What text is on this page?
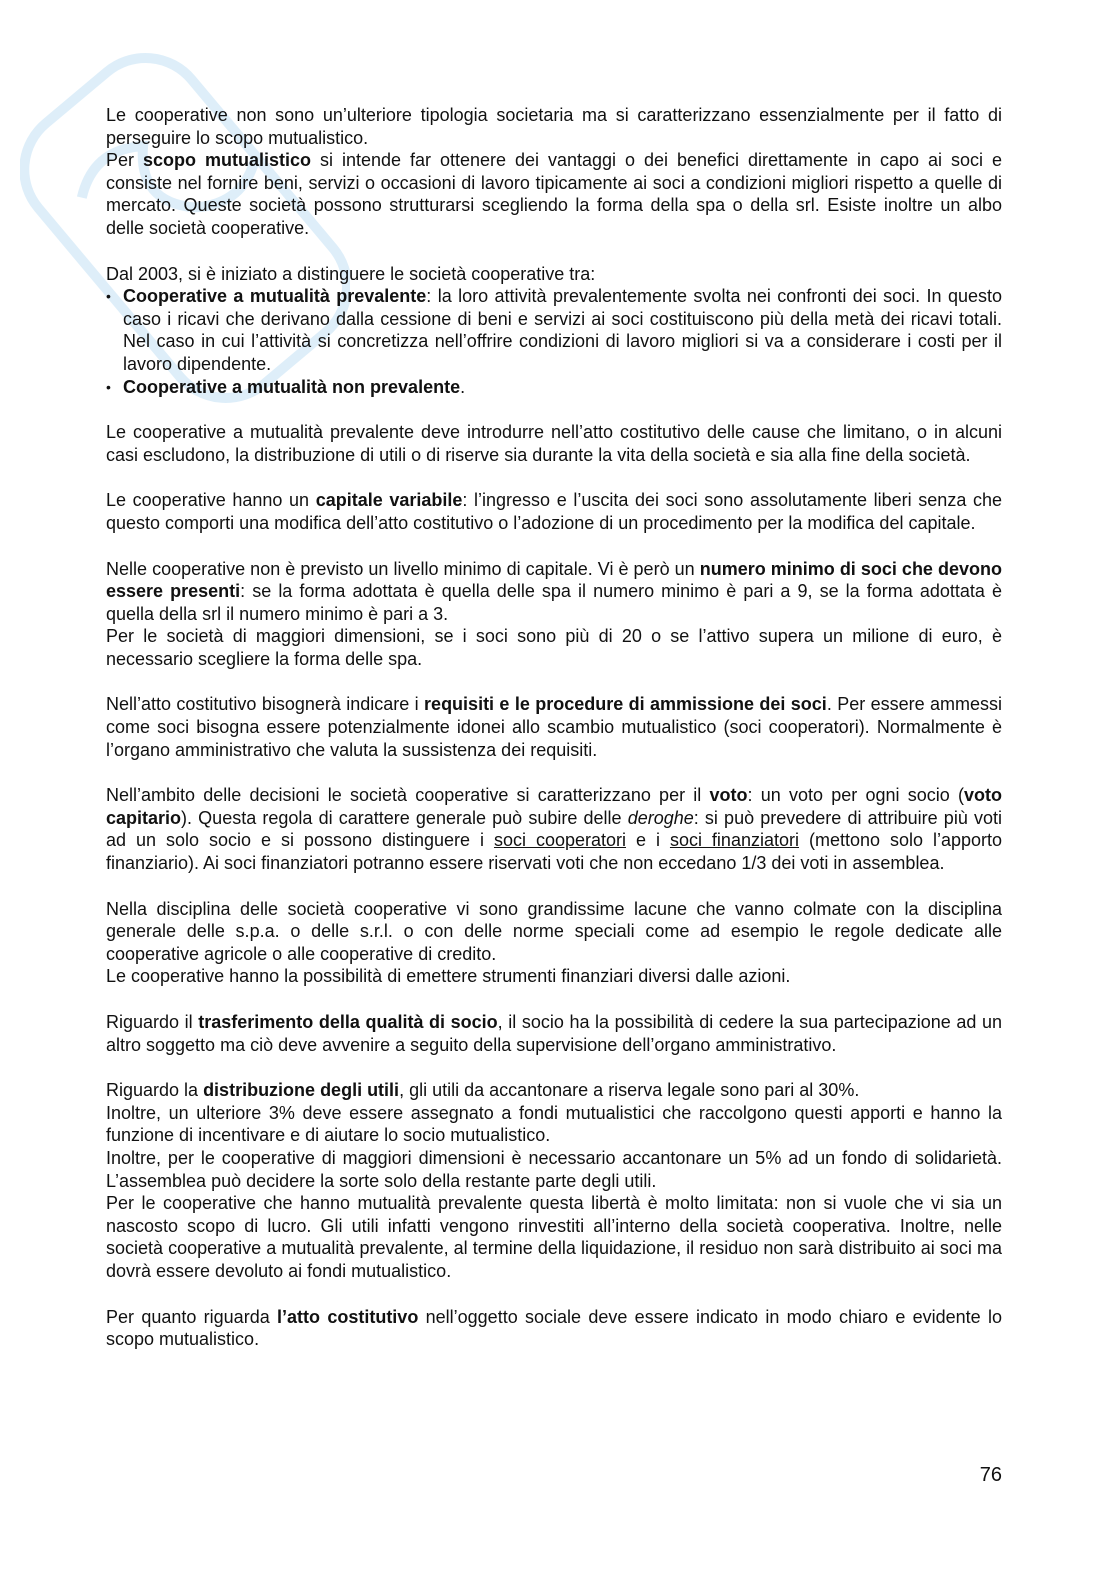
Le cooperative non sono un’ulteriore tipologia societaria ma si caratterizzano essenzialmente per il fatto di perseguire lo scopo mutualistico.
Per scopo mutualistico si intende far ottenere dei vantaggi o dei benefici direttamente in capo ai soci e consiste nel fornire beni, servizi o occasioni di lavoro tipicamente ai soci a condizioni migliori rispetto a quelle di mercato. Queste società possono strutturarsi scegliendo la forma della spa o della srl. Esiste inoltre un albo delle società cooperative.

Dal 2003, si è iniziato a distinguere le società cooperative tra:
• Cooperative a mutualità prevalente: la loro attività prevalentemente svolta nei confronti dei soci. In questo caso i ricavi che derivano dalla cessione di beni e servizi ai soci costituiscono più della metà dei ricavi totali. Nel caso in cui l’attività si concretizza nell’offrire condizioni di lavoro migliori si va a considerare i costi per il lavoro dipendente.
• Cooperative a mutualità non prevalente.

Le cooperative a mutualità prevalente deve introdurre nell’atto costitutivo delle cause che limitano, o in alcuni casi escludono, la distribuzione di utili o di riserve sia durante la vita della società e sia alla fine della società.

Le cooperative hanno un capitale variabile: l’ingresso e l’uscita dei soci sono assolutamente liberi senza che questo comporti una modifica dell’atto costitutivo o l’adozione di un procedimento per la modifica del capitale.

Nelle cooperative non è previsto un livello minimo di capitale. Vi è però un numero minimo di soci che devono essere presenti: se la forma adottata è quella delle spa il numero minimo è pari a 9, se la forma adottata è quella della srl il numero minimo è pari a 3.
Per le società di maggiori dimensioni, se i soci sono più di 20 o se l’attivo supera un milione di euro, è necessario scegliere la forma delle spa.

Nell’atto costitutivo bisognerà indicare i requisiti e le procedure di ammissione dei soci. Per essere ammessi come soci bisogna essere potenzialmente idonei allo scambio mutualistico (soci cooperatori). Normalmente è l’organo amministrativo che valuta la sussistenza dei requisiti.

Nell’ambito delle decisioni le società cooperative si caratterizzano per il voto: un voto per ogni socio (voto capitario). Questa regola di carattere generale può subire delle deroghe: si può prevedere di attribuire più voti ad un solo socio e si possono distinguere i soci cooperatori e i soci finanziatori (mettono solo l’apporto finanziario). Ai soci finanziatori potranno essere riservati voti che non eccedano 1/3 dei voti in assemblea.

Nella disciplina delle società cooperative vi sono grandissime lacune che vanno colmate con la disciplina generale delle s.p.a. o delle s.r.l. o con delle norme speciali come ad esempio le regole dedicate alle cooperative agricole o alle cooperative di credito.
Le cooperative hanno la possibilità di emettere strumenti finanziari diversi dalle azioni.

Riguardo il trasferimento della qualità di socio, il socio ha la possibilità di cedere la sua partecipazione ad un altro soggetto ma ciò deve avvenire a seguito della supervisione dell’organo amministrativo.

Riguardo la distribuzione degli utili, gli utili da accantonare a riserva legale sono pari al 30%.
Inoltre, un ulteriore 3% deve essere assegnato a fondi mutualistici che raccolgono questi apporti e hanno la funzione di incentivare e di aiutare lo socio mutualistico.
Inoltre, per le cooperative di maggiori dimensioni è necessario accantonare un 5% ad un fondo di solidarietà. L’assemblea può decidere la sorte solo della restante parte degli utili.
Per le cooperative che hanno mutualità prevalente questa libertà è molto limitata: non si vuole che vi sia un nascosto scopo di lucro. Gli utili infatti vengono rinvestiti all’interno della società cooperativa. Inoltre, nelle società cooperative a mutualità prevalente, al termine della liquidazione, il residuo non sarà distribuito ai soci ma dovrà essere devoluto ai fondi mutualistico.

Per quanto riguarda l’atto costitutivo nell’oggetto sociale deve essere indicato in modo chiaro e evidente lo scopo mutualistico.

76
